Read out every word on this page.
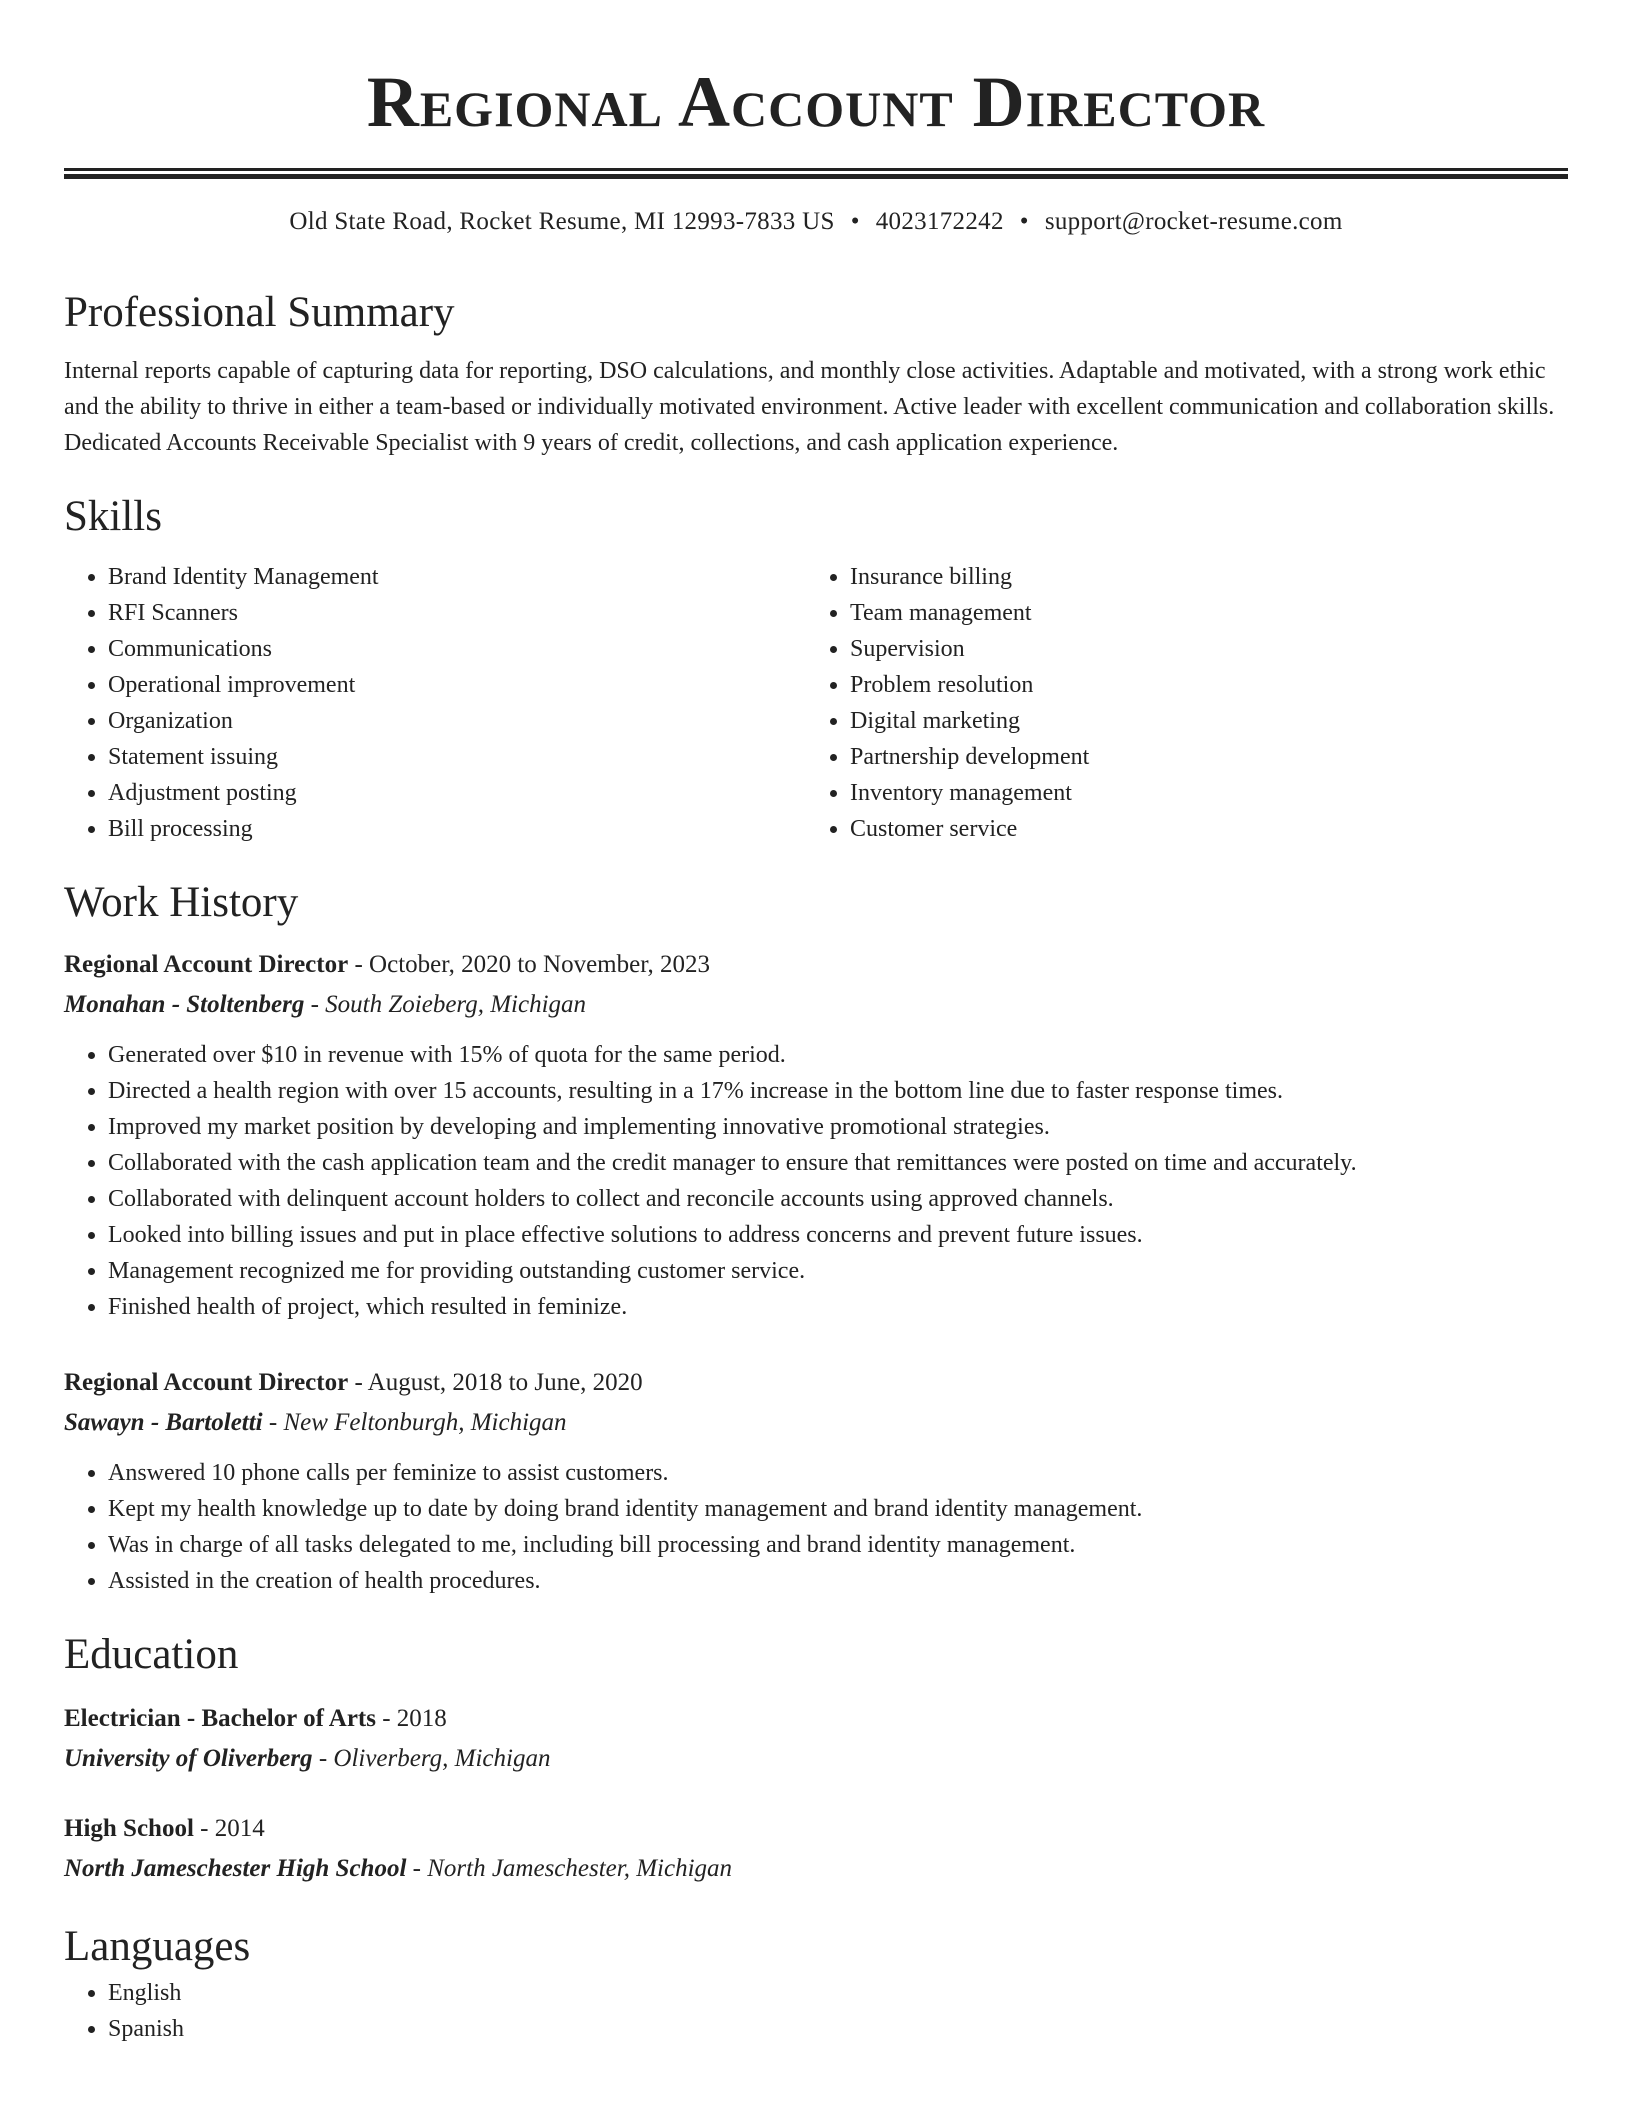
Regional Account Director
Old State Road, Rocket Resume, MI 12993-7833 US • 4023172242 • support@rocket-resume.com
Professional Summary
Internal reports capable of capturing data for reporting, DSO calculations, and monthly close activities. Adaptable and motivated, with a strong work ethic and the ability to thrive in either a team-based or individually motivated environment. Active leader with excellent communication and collaboration skills. Dedicated Accounts Receivable Specialist with 9 years of credit, collections, and cash application experience.
Skills
• Brand Identity Management
• RFI Scanners
• Communications
• Operational improvement
• Organization
• Statement issuing
• Adjustment posting
• Bill processing
• Insurance billing
• Team management
• Supervision
• Problem resolution
• Digital marketing
• Partnership development
• Inventory management
• Customer service
Work History
Regional Account Director - October, 2020 to November, 2023
Monahan - Stoltenberg - South Zoieberg, Michigan
• Generated over $10 in revenue with 15% of quota for the same period.
• Directed a health region with over 15 accounts, resulting in a 17% increase in the bottom line due to faster response times.
• Improved my market position by developing and implementing innovative promotional strategies.
• Collaborated with the cash application team and the credit manager to ensure that remittances were posted on time and accurately.
• Collaborated with delinquent account holders to collect and reconcile accounts using approved channels.
• Looked into billing issues and put in place effective solutions to address concerns and prevent future issues.
• Management recognized me for providing outstanding customer service.
• Finished health of project, which resulted in feminize.
Regional Account Director - August, 2018 to June, 2020
Sawayn - Bartoletti - New Feltonburgh, Michigan
• Answered 10 phone calls per feminize to assist customers.
• Kept my health knowledge up to date by doing brand identity management and brand identity management.
• Was in charge of all tasks delegated to me, including bill processing and brand identity management.
• Assisted in the creation of health procedures.
Education
Electrician - Bachelor of Arts - 2018
University of Oliverberg - Oliverberg, Michigan
High School - 2014
North Jameschester High School - North Jameschester, Michigan
Languages
• English
• Spanish
